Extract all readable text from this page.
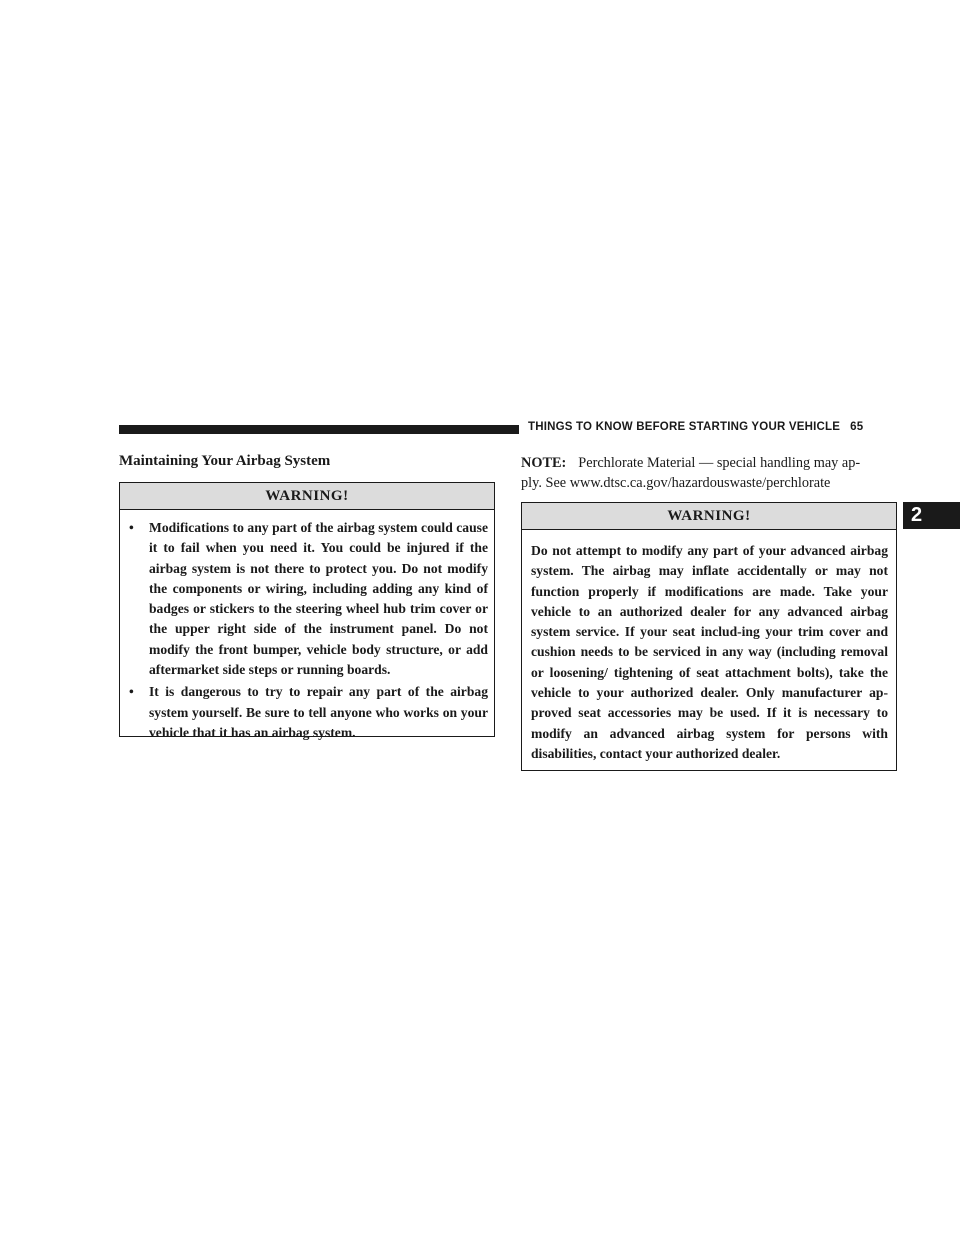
THINGS TO KNOW BEFORE STARTING YOUR VEHICLE 65
2
Maintaining Your Airbag System
WARNING!
• Modifications to any part of the airbag system could cause it to fail when you need it. You could be injured if the airbag system is not there to protect you. Do not modify the components or wiring, including adding any kind of badges or stickers to the steering wheel hub trim cover or the upper right side of the instrument panel. Do not modify the front bumper, vehicle body structure, or add aftermarket side steps or running boards.
• It is dangerous to try to repair any part of the airbag system yourself. Be sure to tell anyone who works on your vehicle that it has an airbag system.
NOTE: Perchlorate Material — special handling may ap-
ply. See www.dtsc.ca.gov/hazardouswaste/perchlorate
WARNING!
Do not attempt to modify any part of your advanced airbag system. The airbag may inflate accidentally or may not function properly if modifications are made. Take your vehicle to an authorized dealer for any advanced airbag system service. If your seat includ-ing your trim cover and cushion needs to be serviced in any way (including removal or loosening/ tightening of seat attachment bolts), take the vehicle to your authorized dealer. Only manufacturer ap-proved seat accessories may be used. If it is necessary to modify an advanced airbag system for persons with disabilities, contact your authorized dealer.
